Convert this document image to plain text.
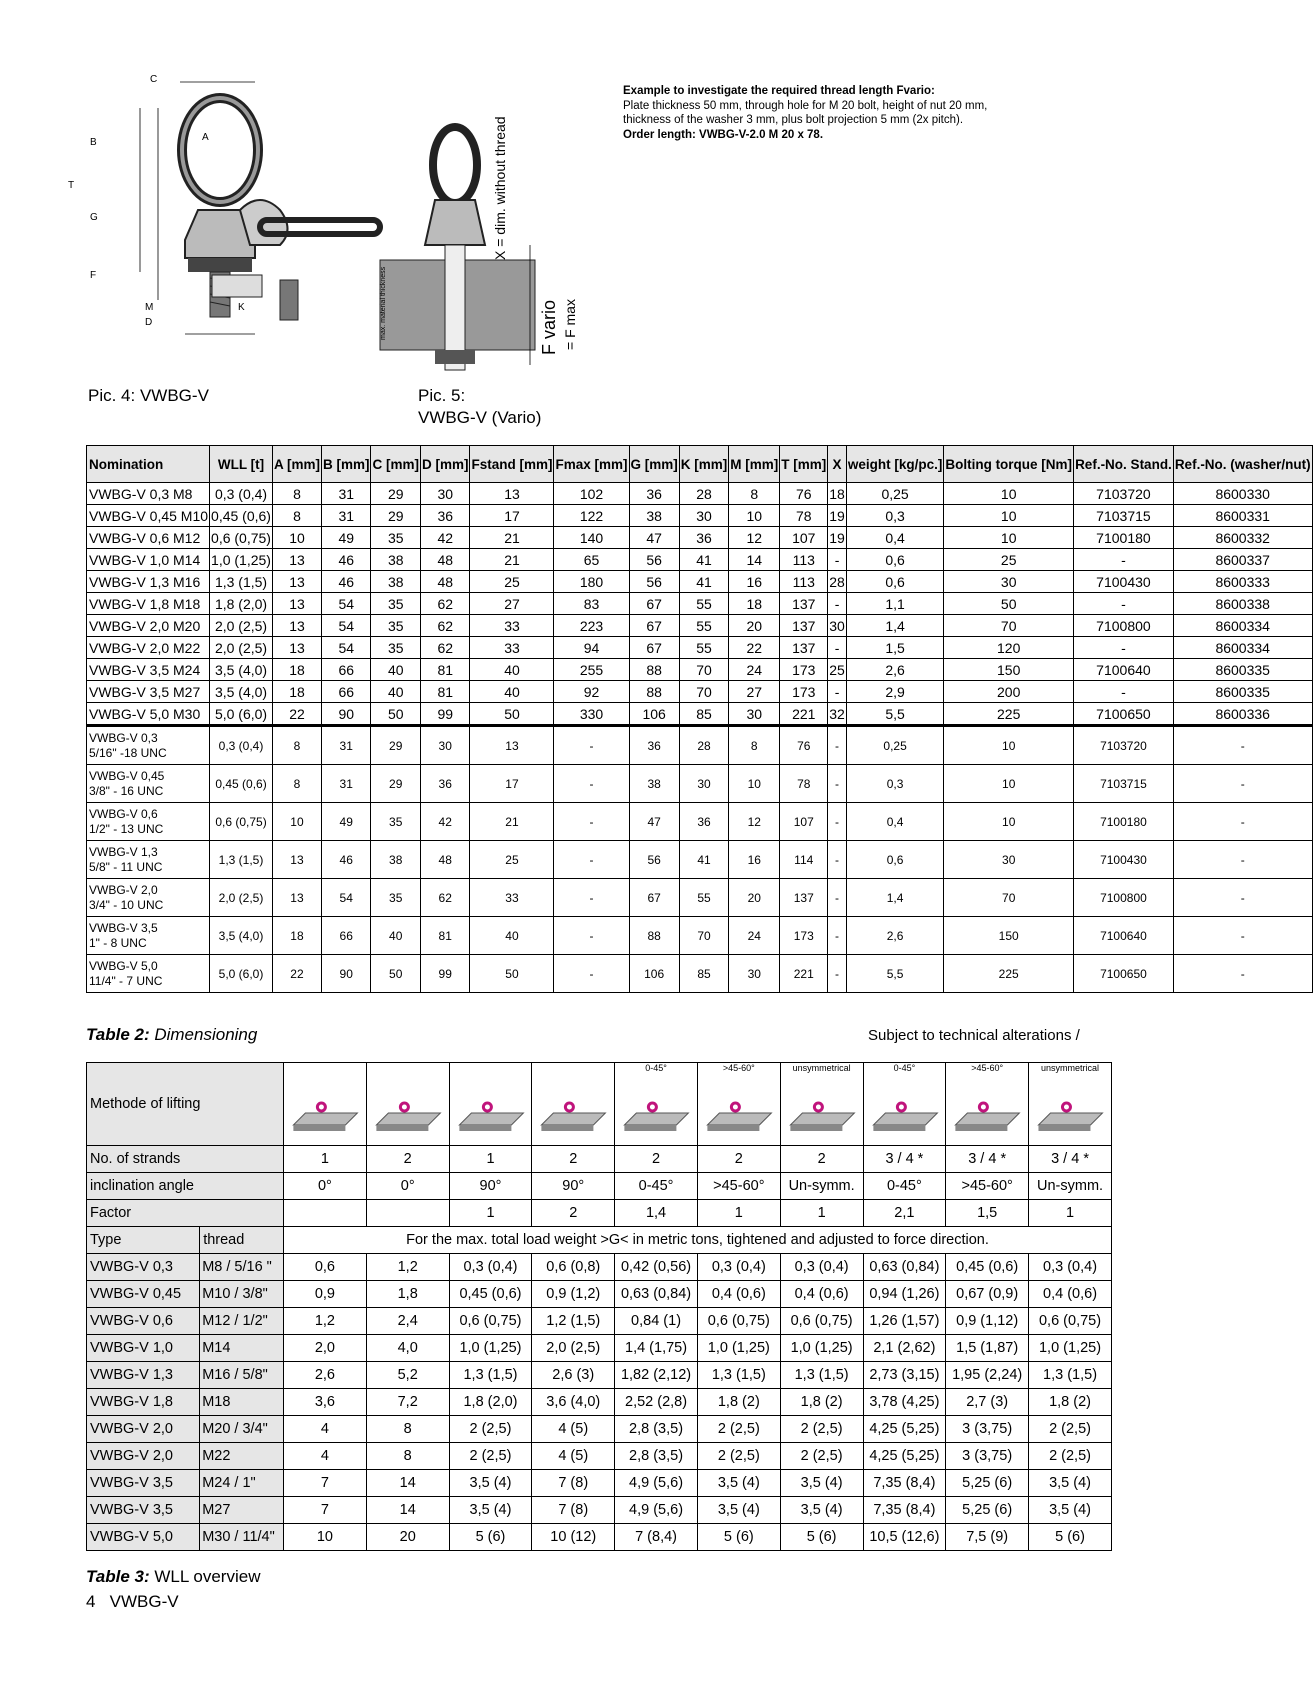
C
B	A
T
G
F
M
D
K
Pic. 4: VWBG-V
X = dim. without thread
max. material thickness	F vario = F max
Pic. 5:
VWBG-V (Vario)
Example to investigate the required thread length Fvario:
Plate thickness 50 mm, through hole for M 20 bolt, height of nut 20 mm,
thickness of the washer 3 mm, plus bolt projection 5 mm (2x pitch).
Order length: VWBG-V-2.0 M 20 x 78.
Nomination	WLL [t]	A [mm]	B [mm]	C [mm]	D [mm]	Fstand [mm]	Fmax [mm]	G [mm]	K [mm]	M [mm]	T [mm]	X	weight [kg/pc.]	Bolting torque [Nm]	Ref.-No. Stand.	Ref.-No. (washer/nut)
VWBG-V 0,3 M8	0,3 (0,4)	8	31	29	30	13	102	36	28	8	76	18	0,25	10	7103720	8600330
VWBG-V 0,45 M10	0,45 (0,6)	8	31	29	36	17	122	38	30	10	78	19	0,3	10	7103715	8600331
VWBG-V 0,6 M12	0,6 (0,75)	10	49	35	42	21	140	47	36	12	107	19	0,4	10	7100180	8600332
VWBG-V 1,0 M14	1,0 (1,25)	13	46	38	48	21	65	56	41	14	113	-	0,6	25	-	8600337
VWBG-V 1,3 M16	1,3 (1,5)	13	46	38	48	25	180	56	41	16	113	28	0,6	30	7100430	8600333
VWBG-V 1,8 M18	1,8 (2,0)	13	54	35	62	27	83	67	55	18	137	-	1,1	50	-	8600338
VWBG-V 2,0 M20	2,0 (2,5)	13	54	35	62	33	223	67	55	20	137	30	1,4	70	7100800	8600334
VWBG-V 2,0 M22	2,0 (2,5)	13	54	35	62	33	94	67	55	22	137	-	1,5	120	-	8600334
VWBG-V 3,5 M24	3,5 (4,0)	18	66	40	81	40	255	88	70	24	173	25	2,6	150	7100640	8600335
VWBG-V 3,5 M27	3,5 (4,0)	18	66	40	81	40	92	88	70	27	173	-	2,9	200	-	8600335
VWBG-V 5,0 M30	5,0 (6,0)	22	90	50	99	50	330	106	85	30	221	32	5,5	225	7100650	8600336
VWBG-V 0,3
5/16" -18 UNC	0,3 (0,4)	8	31	29	30	13	-	36	28	8	76	-	0,25	10	7103720	-
VWBG-V 0,45
3/8" - 16 UNC	0,45 (0,6)	8	31	29	36	17	-	38	30	10	78	-	0,3	10	7103715	-
VWBG-V 0,6
1/2" - 13 UNC	0,6 (0,75)	10	49	35	42	21	-	47	36	12	107	-	0,4	10	7100180	-
VWBG-V 1,3
5/8" - 11 UNC	1,3 (1,5)	13	46	38	48	25	-	56	41	16	114	-	0,6	30	7100430	-
VWBG-V 2,0
3/4" - 10 UNC	2,0 (2,5)	13	54	35	62	33	-	67	55	20	137	-	1,4	70	7100800	-
VWBG-V 3,5
1" - 8 UNC	3,5 (4,0)	18	66	40	81	40	-	88	70	24	173	-	2,6	150	7100640	-
VWBG-V 5,0
11/4" - 7 UNC	5,0 (6,0)	22	90	50	99	50	-	106	85	30	221	-	5,5	225	7100650	-
Table 2: Dimensioning	Subject to technical alterations /
Methode of lifting						0-45°	>45-60°	unsymmetrical	0-45°	>45-60°	unsymmetrical

No. of strands		1	2	1	2	2	2	2	3 / 4 *	3 / 4 *	3 / 4 *
inclination angle		0°	0°	90°	90°	0-45°	>45-60°	Un-symm.	0-45°	>45-60°	Un-symm.
Factor				1	2	1,4	1	1	2,1	1,5	1
Type	thread	For the max. total load weight >G< in metric tons, tightened and adjusted to force direction.									
VWBG-V 0,3	M8 / 5/16 "	0,6	1,2	0,3 (0,4)	0,6 (0,8)	0,42 (0,56)	0,3 (0,4)	0,3 (0,4)	0,63 (0,84)	0,45 (0,6)	0,3 (0,4)
VWBG-V 0,45	M10 / 3/8"	0,9	1,8	0,45 (0,6)	0,9 (1,2)	0,63 (0,84)	0,4 (0,6)	0,4 (0,6)	0,94 (1,26)	0,67 (0,9)	0,4 (0,6)
VWBG-V 0,6	M12 / 1/2"	1,2	2,4	0,6 (0,75)	1,2 (1,5)	0,84 (1)	0,6 (0,75)	0,6 (0,75)	1,26 (1,57)	0,9 (1,12)	0,6 (0,75)
VWBG-V 1,0	M14	2,0	4,0	1,0 (1,25)	2,0 (2,5)	1,4 (1,75)	1,0 (1,25)	1,0 (1,25)	2,1 (2,62)	1,5 (1,87)	1,0 (1,25)
VWBG-V 1,3	M16 / 5/8"	2,6	5,2	1,3 (1,5)	2,6 (3)	1,82 (2,12)	1,3 (1,5)	1,3 (1,5)	2,73 (3,15)	1,95 (2,24)	1,3 (1,5)
VWBG-V 1,8	M18	3,6	7,2	1,8 (2,0)	3,6 (4,0)	2,52 (2,8)	1,8 (2)	1,8 (2)	3,78 (4,25)	2,7 (3)	1,8 (2)
VWBG-V 2,0	M20 / 3/4"	4	8	2 (2,5)	4 (5)	2,8 (3,5)	2 (2,5)	2 (2,5)	4,25 (5,25)	3 (3,75)	2 (2,5)
VWBG-V 2,0	M22	4	8	2 (2,5)	4 (5)	2,8 (3,5)	2 (2,5)	2 (2,5)	4,25 (5,25)	3 (3,75)	2 (2,5)
VWBG-V 3,5	M24 / 1"	7	14	3,5 (4)	7 (8)	4,9 (5,6)	3,5 (4)	3,5 (4)	7,35 (8,4)	5,25 (6)	3,5 (4)
VWBG-V 3,5	M27	7	14	3,5 (4)	7 (8)	4,9 (5,6)	3,5 (4)	3,5 (4)	7,35 (8,4)	5,25 (6)	3,5 (4)
VWBG-V 5,0	M30 / 11/4"	10	20	5 (6)	10 (12)	7 (8,4)	5 (6)	5 (6)	10,5 (12,6)	7,5 (9)	5 (6)
Table 3: WLL overview
4 VWBG-V
